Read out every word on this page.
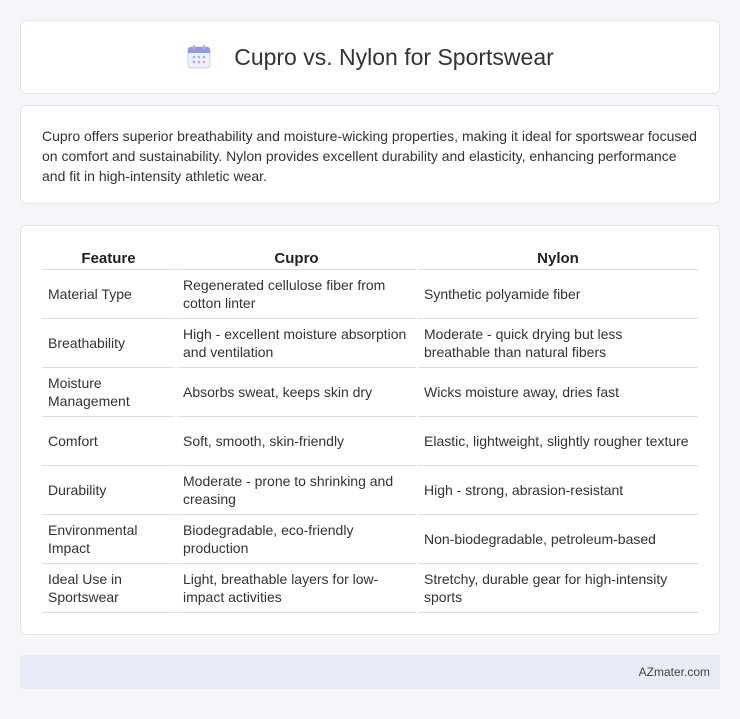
Cupro vs. Nylon for Sportswear

Cupro offers superior breathability and moisture-wicking properties, making it ideal for sportswear focused on comfort and sustainability. Nylon provides excellent durability and elasticity, enhancing performance and fit in high-intensity athletic wear.

Feature	Cupro	Nylon
Material Type	Regenerated cellulose fiber from cotton linter	Synthetic polyamide fiber
Breathability	High - excellent moisture absorption and ventilation	Moderate - quick drying but less breathable than natural fibers
Moisture Management	Absorbs sweat, keeps skin dry	Wicks moisture away, dries fast
Comfort	Soft, smooth, skin-friendly	Elastic, lightweight, slightly rougher texture
Durability	Moderate - prone to shrinking and creasing	High - strong, abrasion-resistant
Environmental Impact	Biodegradable, eco-friendly production	Non-biodegradable, petroleum-based
Ideal Use in Sportswear	Light, breathable layers for low-impact activities	Stretchy, durable gear for high-intensity sports
AZmater.com
